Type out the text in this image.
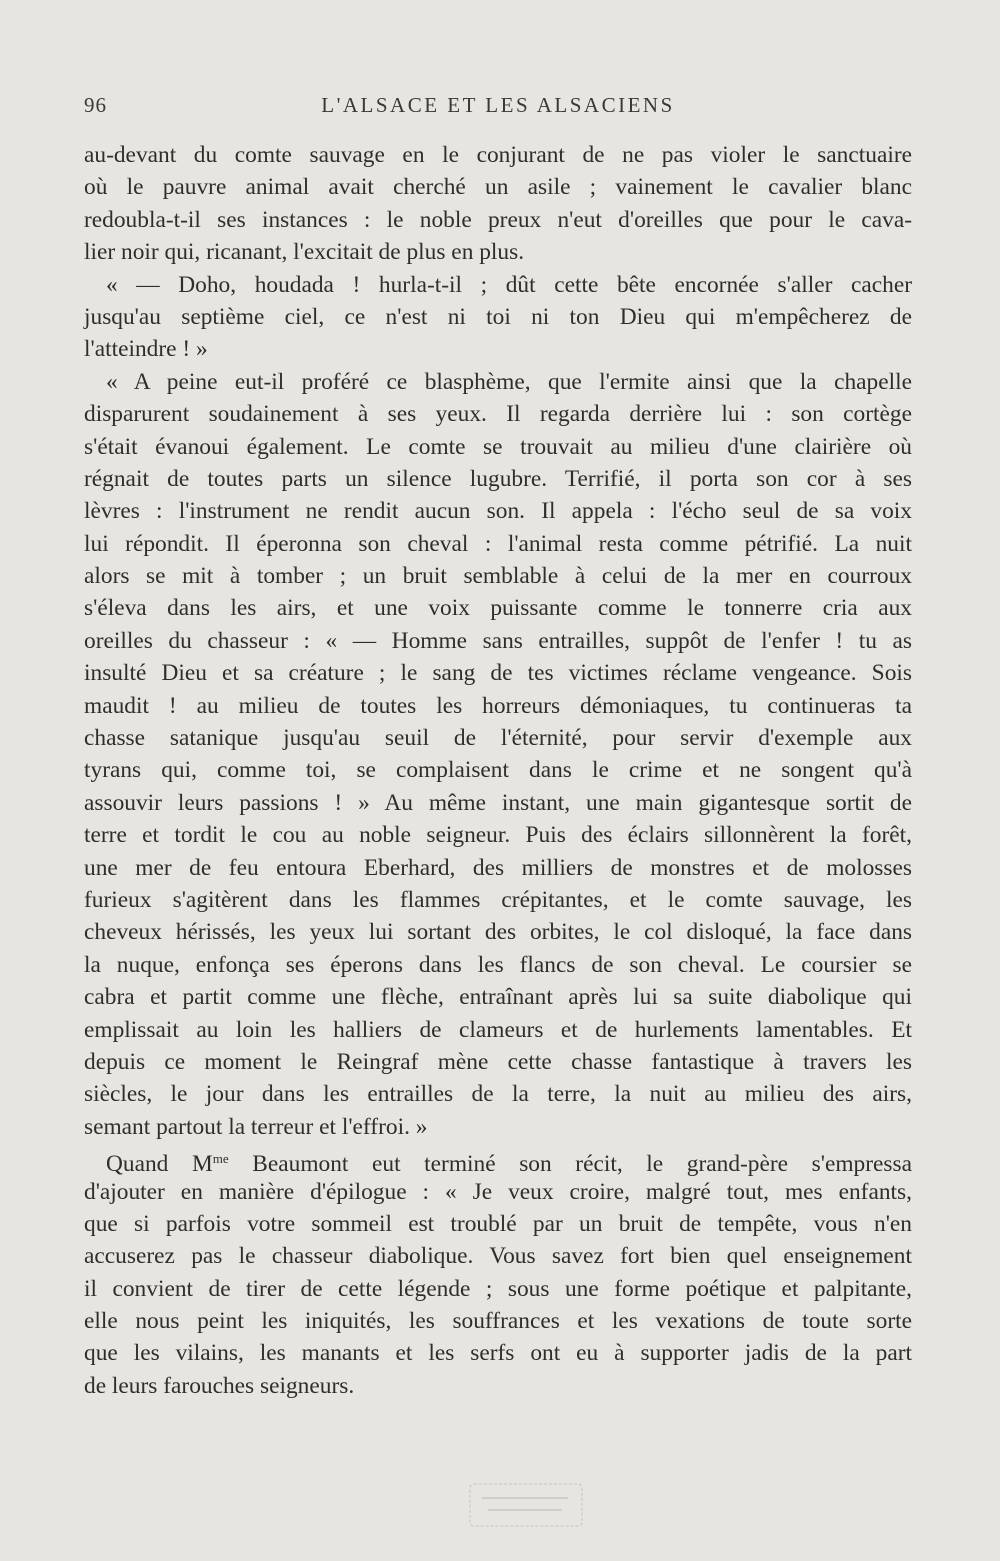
96	L'ALSACE ET LES ALSACIENS
au-devant du comte sauvage en le conjurant de ne pas violer le sanctuaire
où le pauvre animal avait cherché un asile ; vainement le cavalier blanc
redoubla-t-il ses instances : le noble preux n'eut d'oreilles que pour le cava-
lier noir qui, ricanant, l'excitait de plus en plus.
« — Doho, houdada ! hurla-t-il ; dût cette bête encornée s'aller cacher
jusqu'au septième ciel, ce n'est ni toi ni ton Dieu qui m'empêcherez de
l'atteindre ! »
« A peine eut-il proféré ce blasphème, que l'ermite ainsi que la chapelle
disparurent soudainement à ses yeux. Il regarda derrière lui : son cortège
s'était évanoui également. Le comte se trouvait au milieu d'une clairière où
régnait de toutes parts un silence lugubre. Terrifié, il porta son cor à ses
lèvres : l'instrument ne rendit aucun son. Il appela : l'écho seul de sa voix
lui répondit. Il éperonna son cheval : l'animal resta comme pétrifié. La nuit
alors se mit à tomber ; un bruit semblable à celui de la mer en courroux
s'éleva dans les airs, et une voix puissante comme le tonnerre cria aux
oreilles du chasseur : « — Homme sans entrailles, suppôt de l'enfer ! tu as
insulté Dieu et sa créature ; le sang de tes victimes réclame vengeance. Sois
maudit ! au milieu de toutes les horreurs démoniaques, tu continueras ta
chasse satanique jusqu'au seuil de l'éternité, pour servir d'exemple aux
tyrans qui, comme toi, se complaisent dans le crime et ne songent qu'à
assouvir leurs passions ! » Au même instant, une main gigantesque sortit de
terre et tordit le cou au noble seigneur. Puis des éclairs sillonnèrent la forêt,
une mer de feu entoura Eberhard, des milliers de monstres et de molosses
furieux s'agitèrent dans les flammes crépitantes, et le comte sauvage, les
cheveux hérissés, les yeux lui sortant des orbites, le col disloqué, la face dans
la nuque, enfonça ses éperons dans les flancs de son cheval. Le coursier se
cabra et partit comme une flèche, entraînant après lui sa suite diabolique qui
emplissait au loin les halliers de clameurs et de hurlements lamentables. Et
depuis ce moment le Reingraf mène cette chasse fantastique à travers les
siècles, le jour dans les entrailles de la terre, la nuit au milieu des airs,
semant partout la terreur et l'effroi. »
Quand $M^{me}$ Beaumont eut terminé son récit, le grand-père s'empressa
d'ajouter en manière d'épilogue : « Je veux croire, malgré tout, mes enfants,
que si parfois votre sommeil est troublé par un bruit de tempête, vous n'en
accuserez pas le chasseur diabolique. Vous savez fort bien quel enseignement
il convient de tirer de cette légende ; sous une forme poétique et palpitante,
elle nous peint les iniquités, les souffrances et les vexations de toute sorte
que les vilains, les manants et les serfs ont eu à supporter jadis de la part
de leurs farouches seigneurs.
